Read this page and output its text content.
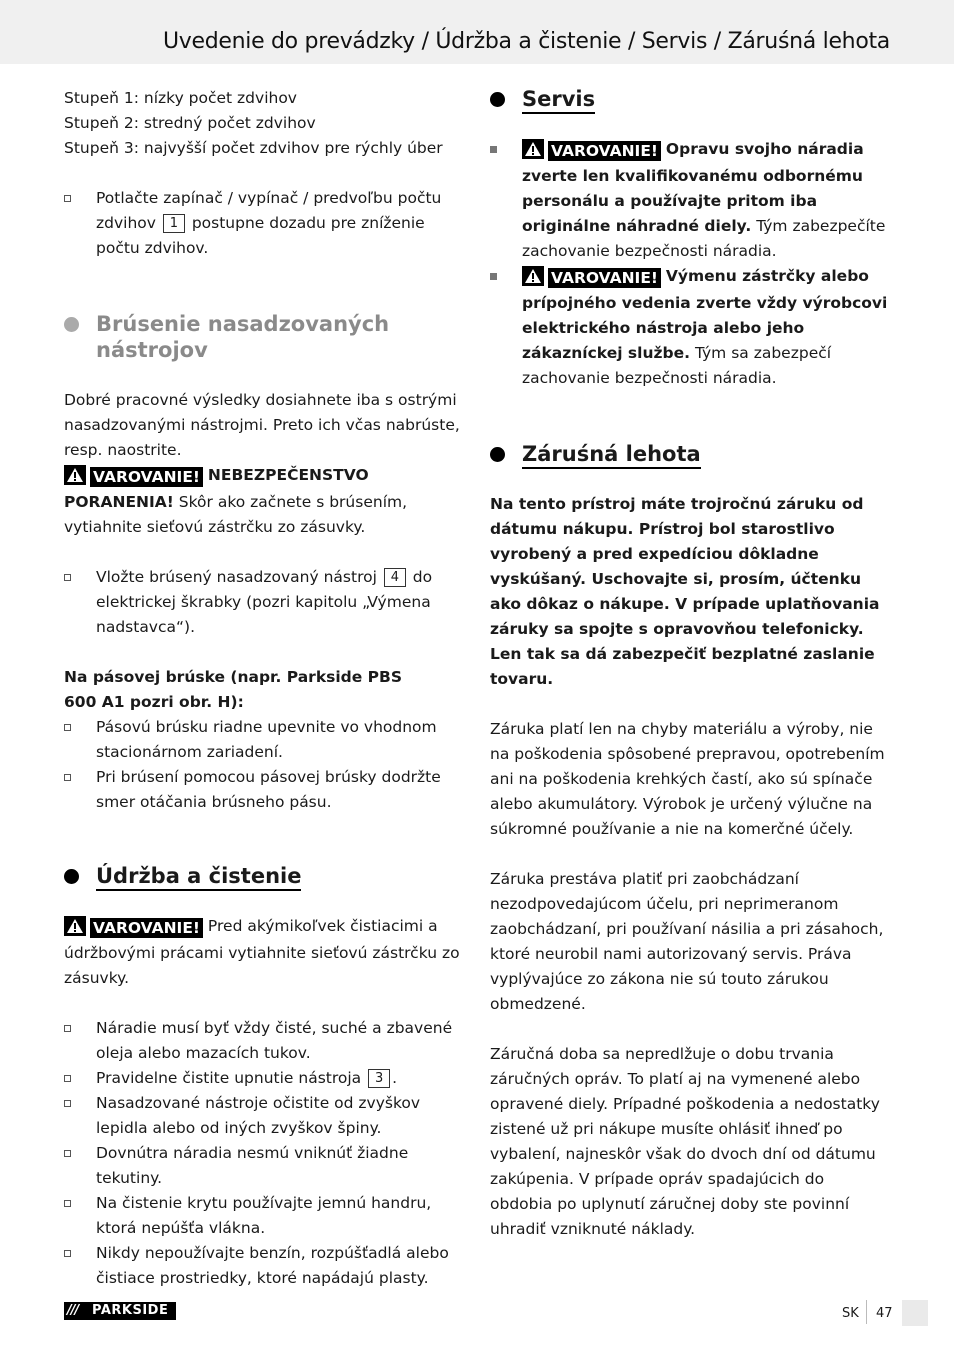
Uvedenie do prevádzky / Údržba a čistenie / Servis / Záruśná lehota

Stupeň 1: nízky počet zdvihov

Stupeň 2: stredný počet zdvihov

Stupeň 3: najvyšší počet zdvihov pre rýchly úber

Potlačte zapínač / vypínač / predvoľbu počtu zdvihov 1 postupne dozadu pre zníženie počtu zdvihov.
Brúsenie nasadzovaných
nástrojov

Dobré pracovné výsledky dosiahnete iba s ostrými nasadzovanými nástrojmi. Preto ich včas nabrúste, resp. naostrite.

VAROVANIE! NEBEZPEČENSTVO PORANENIA! Skôr ako začnete s brúsením, vytiahnite sieťovú zástrčku zo zásuvky.

Vložte brúsený nasadzovaný nástroj 4 do elektrickej škrabky (pozri kapitolu „Výmena nadstavca“).

Na pásovej brúske (napr. Parkside PBS 600 A1 pozri obr. H):

Pásovú brúsku riadne upevnite vo vhodnom stacionárnom zariadení.
Pri brúsení pomocou pásovej brúsky dodržte smer otáčania brúsneho pásu.
Údržba a čistenie

VAROVANIE! Pred akýmikoľvek čistiacimi a údržbovými prácami vytiahnite sieťovú zástrčku zo zásuvky.

Náradie musí byť vždy čisté, suché a zbavené oleja alebo mazacích tukov.
Pravidelne čistite upnutie nástroja 3 .
Nasadzované nástroje očistite od zvyškov lepidla alebo od iných zvyškov špiny.
Dovnútra náradia nesmú vniknúť žiadne tekutiny.
Na čistenie krytu používajte jemnú handru, ktorá nepúšťa vlákna.
Nikdy nepoužívajte benzín, rozpúšťadlá alebo čistiace prostriedky, ktoré napádajú plasty.
Servis
VAROVANIE! Opravu svojho náradia zverte len kvalifikovanému odbornému personálu a používajte pritom iba originálne náhradné diely. Tým zabezpečíte zachovanie bezpečnosti náradia.
VAROVANIE! Výmenu zástrčky alebo prípojného vedenia zverte vždy výrobcovi elektrického nástroja alebo jeho zákazníckej službe. Tým sa zabezpečí zachovanie bezpečnosti náradia.
Záruśná lehota

Na tento prístroj máte trojročnú záruku od dátumu nákupu. Prístroj bol starostlivo vyrobený a pred expedíciou dôkladne vyskúšaný. Uschovajte si, prosím, účtenku ako dôkaz o nákupe. V prípade uplatňovania záruky sa spojte s opravovňou telefonicky. Len tak sa dá zabezpečiť bezplatné zaslanie tovaru.

Záruka platí len na chyby materiálu a výroby, nie na poškodenia spôsobené prepravou, opotrebením ani na poškodenia krehkých častí, ako sú spínače alebo akumulátory. Výrobok je určený výlučne na súkromné používanie a nie na komerčné účely.

Záruka prestáva platiť pri zaobchádzaní nezodpovedajúcom účelu, pri neprimeranom zaobchádzaní, pri používaní násilia a pri zásahoch, ktoré neurobil nami autorizovaný servis. Práva vyplývajúce zo zákona nie sú touto zárukou obmedzené.

Záručná doba sa nepredlžuje o dobu trvania záručných opráv. To platí aj na vymenené alebo opravené diely. Prípadné poškodenia a nedostatky zistené už pri nákupe musíte ohlásiť ihneď po vybalení, najneskôr však do dvoch dní od dátumu zakúpenia. V prípade opráv spadajúcich do obdobia po uplynutí záručnej doby ste povinní uhradiť vzniknuté náklady.

/// PARKSIDE	SK 47
